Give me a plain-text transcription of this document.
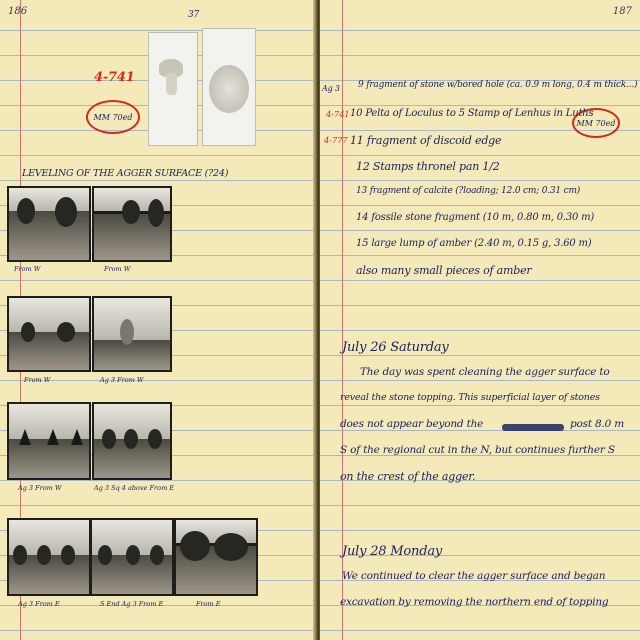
186	37
4-741
MM 70ed
LEVELING OF THE AGGER SURFACE (?24)
From W	From W
From W	Ag 3 From W
Ag 3 From W	Ag 3 Sq 4 above From E
Ag 3 From E	S End Ag 3 From E	From E
187
Ag 3
4-741
4-777
MM 70ed
9 fragment of stone w/bored hole (ca. 0.9 m long, 0.4 m thick...)
10 Pelta of Loculus to 5 Stamp of Lenhus in Luths
11 fragment of discoid edge
12 Stamps thronel pan 1/2
13 fragment of calcite (?loading; 12.0 cm; 0.31 cm)
14 fossile stone fragment (10 m, 0.80 m, 0.30 m)
15 large lump of amber (2.40 m, 0.15 g, 3.60 m)
also many small pieces of amber
July 26 Saturday
The day was spent cleaning the agger surface to
reveal the stone topping. This superficial layer of stones
does not appear beyond the	post 8.0 m
S of the regional cut in the N, but continues further S
on the crest of the agger.
July 28 Monday
We continued to clear the agger surface and began
excavation by removing the northern end of topping
